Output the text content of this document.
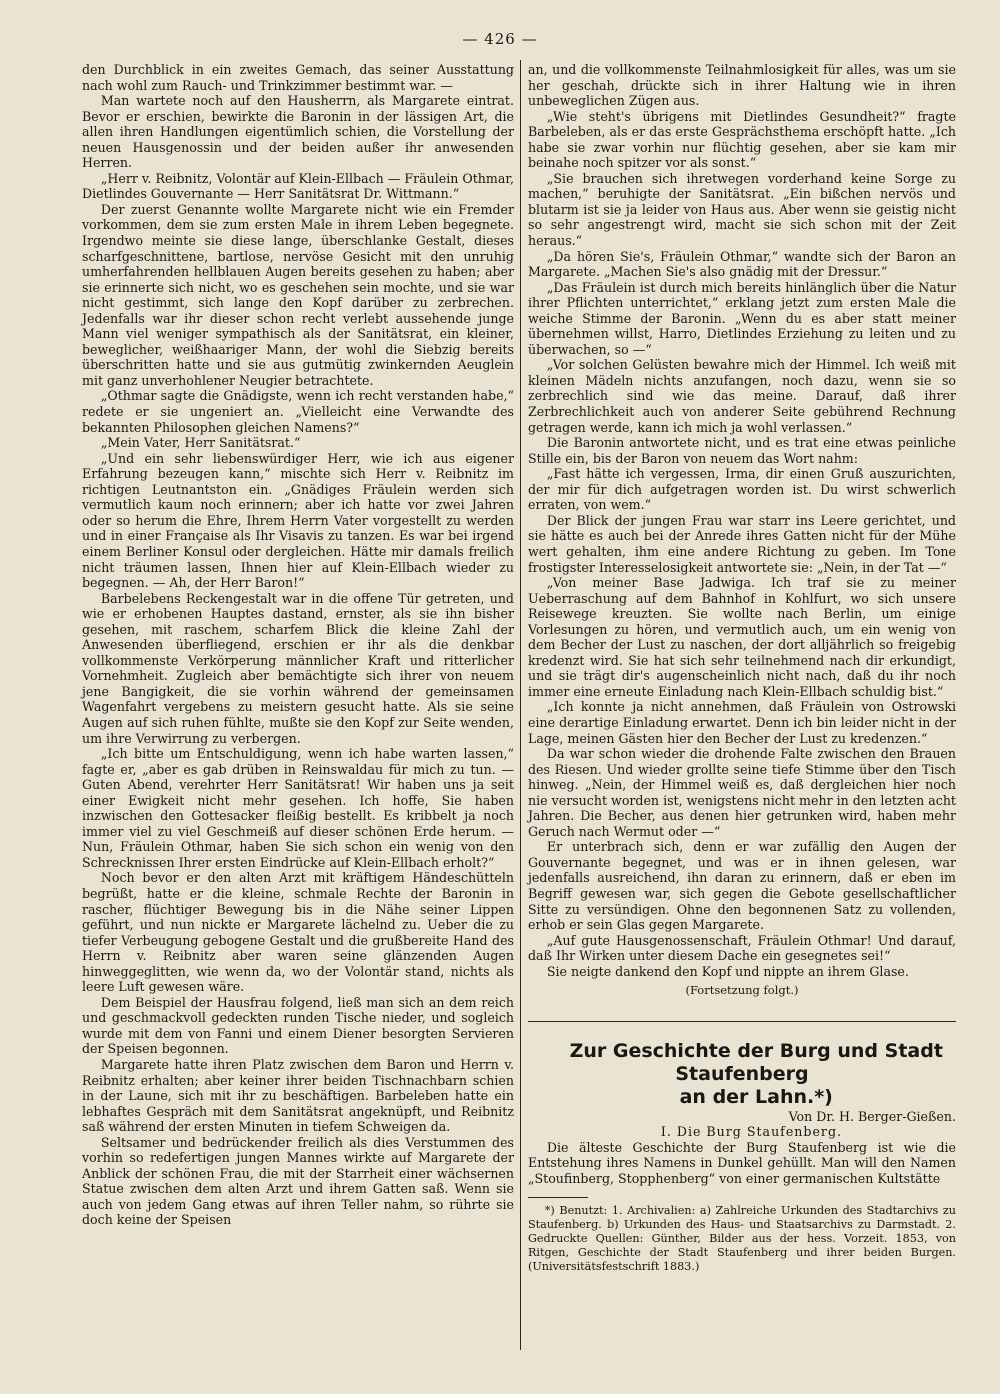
— 426 —

den Durchblick in ein zweites Gemach, das seiner Ausstattung nach wohl zum Rauch- und Trinkzimmer bestimmt war. —

Man wartete noch auf den Hausherrn, als Margarete eintrat. Bevor er erschien, bewirkte die Baronin in der lässigen Art, die allen ihren Handlungen eigentümlich schien, die Vorstellung der neuen Hausgenossin und der beiden außer ihr anwesenden Herren.

„Herr v. Reibnitz, Volontär auf Klein-Ellbach — Fräulein Othmar, Dietlindes Gouvernante — Herr Sanitätsrat Dr. Wittmann.“

Der zuerst Genannte wollte Margarete nicht wie ein Fremder vorkommen, dem sie zum ersten Male in ihrem Leben begegnete. Irgendwo meinte sie diese lange, überschlanke Gestalt, dieses scharfgeschnittene, bartlose, nervöse Gesicht mit den unruhig umherfahrenden hellblauen Augen bereits gesehen zu haben; aber sie erinnerte sich nicht, wo es geschehen sein mochte, und sie war nicht gestimmt, sich lange den Kopf darüber zu zerbrechen. Jedenfalls war ihr dieser schon recht verlebt aussehende junge Mann viel weniger sympathisch als der Sanitätsrat, ein kleiner, beweglicher, weißhaariger Mann, der wohl die Siebzig bereits überschritten hatte und sie aus gutmütig zwinkernden Aeuglein mit ganz unverhohlener Neugier betrachtete.

„Othmar sagte die Gnädigste, wenn ich recht verstanden habe,“ redete er sie ungeniert an. „Vielleicht eine Verwandte des bekannten Philosophen gleichen Namens?“

„Mein Vater, Herr Sanitätsrat.“

„Und ein sehr liebenswürdiger Herr, wie ich aus eigener Erfahrung bezeugen kann,“ mischte sich Herr v. Reibnitz im richtigen Leutnantston ein. „Gnädiges Fräulein werden sich vermutlich kaum noch erinnern; aber ich hatte vor zwei Jahren oder so herum die Ehre, Ihrem Herrn Vater vorgestellt zu werden und in einer Française als Ihr Visavis zu tanzen. Es war bei irgend einem Berliner Konsul oder dergleichen. Hätte mir damals freilich nicht träumen lassen, Ihnen hier auf Klein-Ellbach wieder zu begegnen. — Ah, der Herr Baron!“

Barbelebens Reckengestalt war in die offene Tür getreten, und wie er erhobenen Hauptes dastand, ernster, als sie ihn bisher gesehen, mit raschem, scharfem Blick die kleine Zahl der Anwesenden überfliegend, erschien er ihr als die denkbar vollkommenste Verkörperung männlicher Kraft und ritterlicher Vornehmheit. Zugleich aber bemächtigte sich ihrer von neuem jene Bangigkeit, die sie vorhin während der gemeinsamen Wagenfahrt vergebens zu meistern gesucht hatte. Als sie seine Augen auf sich ruhen fühlte, mußte sie den Kopf zur Seite wenden, um ihre Verwirrung zu verbergen.

„Ich bitte um Entschuldigung, wenn ich habe warten lassen,“ fagte er, „aber es gab drüben in Reinswaldau für mich zu tun. — Guten Abend, verehrter Herr Sanitätsrat! Wir haben uns ja seit einer Ewigkeit nicht mehr gesehen. Ich hoffe, Sie haben inzwischen den Gottesacker fleißig bestellt. Es kribbelt ja noch immer viel zu viel Geschmeiß auf dieser schönen Erde herum. — Nun, Fräulein Othmar, haben Sie sich schon ein wenig von den Schrecknissen Ihrer ersten Eindrücke auf Klein-Ellbach erholt?“

Noch bevor er den alten Arzt mit kräftigem Händeschütteln begrüßt, hatte er die kleine, schmale Rechte der Baronin in rascher, flüchtiger Bewegung bis in die Nähe seiner Lippen geführt, und nun nickte er Margarete lächelnd zu. Ueber die zu tiefer Verbeugung gebogene Gestalt und die grußbereite Hand des Herrn v. Reibnitz aber waren seine glänzenden Augen hinweggeglitten, wie wenn da, wo der Volontär stand, nichts als leere Luft gewesen wäre.

Dem Beispiel der Hausfrau folgend, ließ man sich an dem reich und geschmackvoll gedeckten runden Tische nieder, und sogleich wurde mit dem von Fanni und einem Diener besorgten Servieren der Speisen begonnen.

Margarete hatte ihren Platz zwischen dem Baron und Herrn v. Reibnitz erhalten; aber keiner ihrer beiden Tischnachbarn schien in der Laune, sich mit ihr zu beschäftigen. Barbeleben hatte ein lebhaftes Gespräch mit dem Sanitätsrat angeknüpft, und Reibnitz saß während der ersten Minuten in tiefem Schweigen da.

Seltsamer und bedrückender freilich als dies Verstummen des vorhin so redefertigen jungen Mannes wirkte auf Margarete der Anblick der schönen Frau, die mit der Starrheit einer wächsernen Statue zwischen dem alten Arzt und ihrem Gatten saß. Wenn sie auch von jedem Gang etwas auf ihren Teller nahm, so rührte sie doch keine der Speisen

an, und die vollkommenste Teilnahmlosigkeit für alles, was um sie her geschah, drückte sich in ihrer Haltung wie in ihren unbeweglichen Zügen aus.

„Wie steht's übrigens mit Dietlindes Gesundheit?“ fragte Barbeleben, als er das erste Gesprächsthema erschöpft hatte. „Ich habe sie zwar vorhin nur flüchtig gesehen, aber sie kam mir beinahe noch spitzer vor als sonst.“

„Sie brauchen sich ihretwegen vorderhand keine Sorge zu machen,“ beruhigte der Sanitätsrat. „Ein bißchen nervös und blutarm ist sie ja leider von Haus aus. Aber wenn sie geistig nicht so sehr angestrengt wird, macht sie sich schon mit der Zeit heraus.“

„Da hören Sie's, Fräulein Othmar,“ wandte sich der Baron an Margarete. „Machen Sie's also gnädig mit der Dressur.“

„Das Fräulein ist durch mich bereits hinlänglich über die Natur ihrer Pflichten unterrichtet,“ erklang jetzt zum ersten Male die weiche Stimme der Baronin. „Wenn du es aber statt meiner übernehmen willst, Harro, Dietlindes Erziehung zu leiten und zu überwachen, so —“

„Vor solchen Gelüsten bewahre mich der Himmel. Ich weiß mit kleinen Mädeln nichts anzufangen, noch dazu, wenn sie so zerbrechlich sind wie das meine. Darauf, daß ihrer Zerbrechlichkeit auch von anderer Seite gebührend Rechnung getragen werde, kann ich mich ja wohl verlassen.“

Die Baronin antwortete nicht, und es trat eine etwas peinliche Stille ein, bis der Baron von neuem das Wort nahm:

„Fast hätte ich vergessen, Irma, dir einen Gruß auszurichten, der mir für dich aufgetragen worden ist. Du wirst schwerlich erraten, von wem.“

Der Blick der jungen Frau war starr ins Leere gerichtet, und sie hätte es auch bei der Anrede ihres Gatten nicht für der Mühe wert gehalten, ihm eine andere Richtung zu geben. Im Tone frostigster Interesselosigkeit antwortete sie: „Nein, in der Tat —“

„Von meiner Base Jadwiga. Ich traf sie zu meiner Ueberraschung auf dem Bahnhof in Kohlfurt, wo sich unsere Reisewege kreuzten. Sie wollte nach Berlin, um einige Vorlesungen zu hören, und vermutlich auch, um ein wenig von dem Becher der Lust zu naschen, der dort alljährlich so freigebig kredenzt wird. Sie hat sich sehr teilnehmend nach dir erkundigt, und sie trägt dir's augenscheinlich nicht nach, daß du ihr noch immer eine erneute Einladung nach Klein-Ellbach schuldig bist.“

„Ich konnte ja nicht annehmen, daß Fräulein von Ostrowski eine derartige Einladung erwartet. Denn ich bin leider nicht in der Lage, meinen Gästen hier den Becher der Lust zu kredenzen.“

Da war schon wieder die drohende Falte zwischen den Brauen des Riesen. Und wieder grollte seine tiefe Stimme über den Tisch hinweg. „Nein, der Himmel weiß es, daß dergleichen hier noch nie versucht worden ist, wenigstens nicht mehr in den letzten acht Jahren. Die Becher, aus denen hier getrunken wird, haben mehr Geruch nach Wermut oder —“

Er unterbrach sich, denn er war zufällig den Augen der Gouvernante begegnet, und was er in ihnen gelesen, war jedenfalls ausreichend, ihn daran zu erinnern, daß er eben im Begriff gewesen war, sich gegen die Gebote gesellschaftlicher Sitte zu versündigen. Ohne den begonnenen Satz zu vollenden, erhob er sein Glas gegen Margarete.

„Auf gute Hausgenossenschaft, Fräulein Othmar! Und darauf, daß Ihr Wirken unter diesem Dache ein gesegnetes sei!“

Sie neigte dankend den Kopf und nippte an ihrem Glase.

(Fortsetzung folgt.)

Zur Geschichte der Burg und Stadt Staufenberg

an der Lahn.*)

Von Dr. H. Berger-Gießen.

I. Die Burg Staufenberg.

Die älteste Geschichte der Burg Staufenberg ist wie die Entstehung ihres Namens in Dunkel gehüllt. Man will den Namen „Stoufinberg, Stopphenberg“ von einer germanischen Kultstätte

*) Benutzt: 1. Archivalien: a) Zahlreiche Urkunden des Stadtarchivs zu Staufenberg. b) Urkunden des Haus- und Staatsarchivs zu Darmstadt. 2. Gedruckte Quellen: Günther, Bilder aus der hess. Vorzeit. 1853, von Ritgen, Geschichte der Stadt Staufenberg und ihrer beiden Burgen. (Universitätsfestschrift 1883.)
